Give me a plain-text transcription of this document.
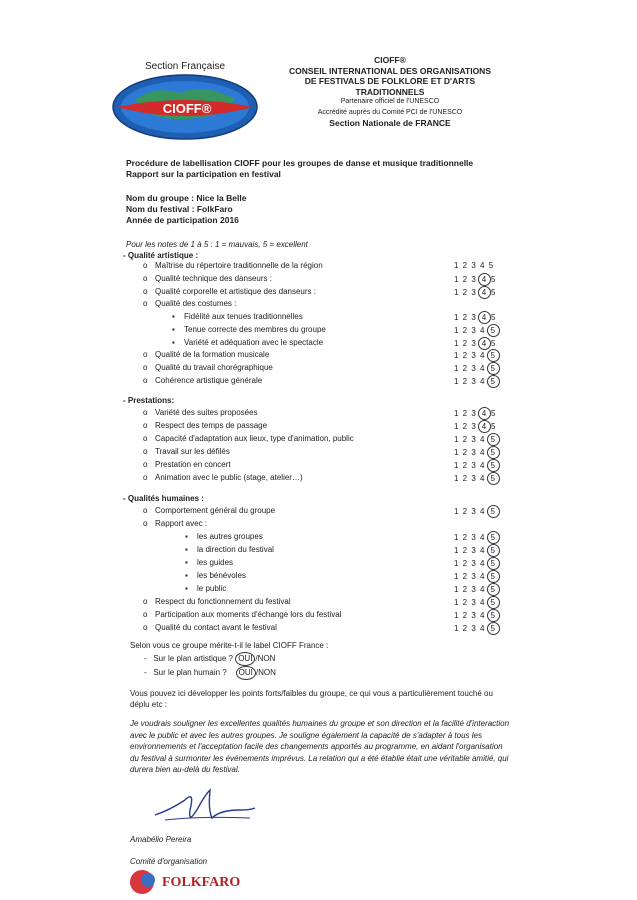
Section Française
CIOFF®
CIOFF®
CONSEIL INTERNATIONAL DES ORGANISATIONS
DE FESTIVALS DE FOLKLORE ET D'ARTS TRADITIONNELS
Partenaire officiel de l'UNESCO
Accrédité auprès du Comité PCI de l'UNESCO
Section Nationale de FRANCE
Procédure de labellisation CIOFF pour les groupes de danse et musique traditionnelle
Rapport sur la participation en festival
Nom du groupe : Nice la Belle
Nom du festival : FolkFaro
Année de participation 2016
Pour les notes de 1 à 5 : 1 = mauvais, 5 = excellent
- Qualité artistique :
- Prestations:
- Qualités humaines :
o Maîtrise du répertoire traditionnelle de la région	1 2 3 4 5
o Qualité technique des danseurs :	1 2 3 4 5
o Qualité corporelle et artistique des danseurs :	1 2 3 4 5
o Qualité des costumes :
▪ Fidélité aux tenues traditionnelles	1 2 3 4 5
▪ Tenue correcte des membres du groupe	1 2 3 4 5
▪ Variété et adéquation avec le spectacle	1 2 3 4 5
o Qualité de la formation musicale	1 2 3 4 5
o Qualité du travail chorégraphique	1 2 3 4 5
o Cohérence artistique générale	1 2 3 4 5
o Variété des suites proposées	1 2 3 4 5
o Respect des temps de passage	1 2 3 4 5
o Capacité d'adaptation aux lieux, type d'animation, public	1 2 3 4 5
o Travail sur les défilés	1 2 3 4 5
o Prestation en concert	1 2 3 4 5
o Animation avec le public (stage, atelier…)	1 2 3 4 5
o Comportement général du groupe	1 2 3 4 5
o Rapport avec :
▪ les autres groupes	1 2 3 4 5
▪ la direction du festival	1 2 3 4 5
▪ les guides	1 2 3 4 5
▪ les bénévoles	1 2 3 4 5
▪ le public	1 2 3 4 5
o Respect du fonctionnement du festival	1 2 3 4 5
o Participation aux moments d'échange lors du festival	1 2 3 4 5
o Qualité du contact avant le festival	1 2 3 4 5
Selon vous ce groupe mérite-t-il le label CIOFF France :
-   Sur le plan artistique ? OUI /NON
-   Sur le plan humain ? OUI /NON
Vous pouvez ici développer les points forts/faibles du groupe, ce qui vous a particulièrement touché ou déplu etc :
Je voudrais souligner les excellentes qualités humaines du groupe et son direction et la facilité d'interaction avec le public et avec les autres groupes. Je souligne également la capacité de s'adapter à tous les environnements et l'acceptation facile des changements apportés au programme, en aidant l'organisation du festival à surmonter les événements imprévus. La relation qui a été établie était une véritable amitié, qui durera bien au-delà du festival.
Amabélio Pereira
Comité d'organisation
FOLKFARO
